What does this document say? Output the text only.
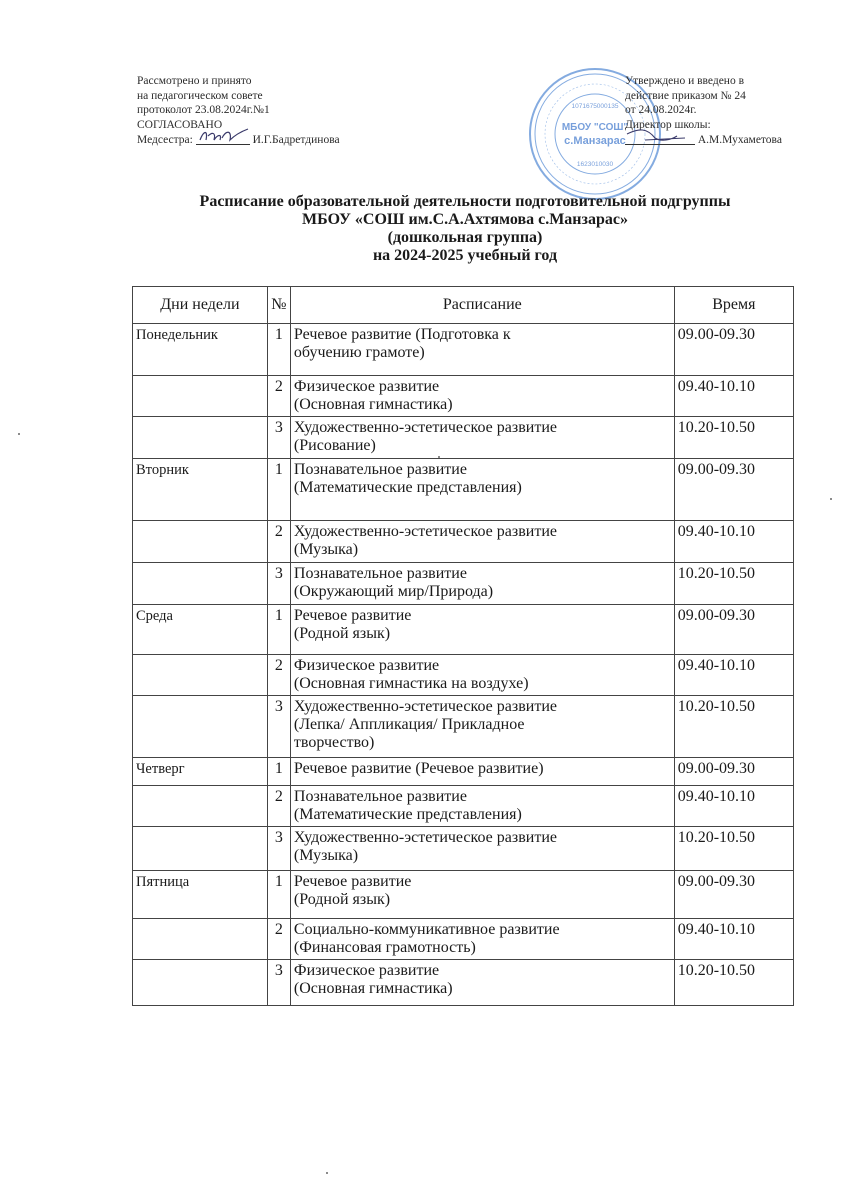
Рассмотрено и принято
на педагогическом совете
протоколот 23.08.2024г.№1
СОГЛАСОВАНО
Медсестра:	И.Г.Бадретдинова
МБОУ "СОШ"
с.Манзарас
1071675000135
1623010030
Утверждено и введено в
действие приказом № 24
от 24.08.2024г.
Директор школы:
А.М.Мухаметова
Расписание образовательной деятельности подготовительной подгруппы
МБОУ «СОШ им.С.А.Ахтямова с.Манзарас»
(дошкольная группа)
на 2024-2025 учебный год
Дни недели	№	Расписание	Время
Понедельник	1	Речевое развитие (Подготовка к
обучению грамоте)	09.00-09.30
	2	Физическое развитие
(Основная гимнастика)	09.40-10.10
	3	Художественно-эстетическое развитие
(Рисование)	10.20-10.50
Вторник	1	Познавательное развитие
(Математические представления)	09.00-09.30
	2	Художественно-эстетическое развитие
(Музыка)	09.40-10.10
	3	Познавательное развитие
(Окружающий мир/Природа)	10.20-10.50
Среда	1	Речевое развитие
(Родной язык)	09.00-09.30
	2	Физическое развитие
(Основная гимнастика на воздухе)	09.40-10.10
	3	Художественно-эстетическое развитие
(Лепка/ Аппликация/ Прикладное
творчество)	10.20-10.50
Четверг	1	Речевое развитие (Речевое развитие)	09.00-09.30
	2	Познавательное развитие
(Математические представления)	09.40-10.10
	3	Художественно-эстетическое развитие
(Музыка)	10.20-10.50
Пятница	1	Речевое развитие
(Родной язык)	09.00-09.30
	2	Социально-коммуникативное развитие
(Финансовая грамотность)	09.40-10.10
	3	Физическое развитие
(Основная гимнастика)	10.20-10.50
